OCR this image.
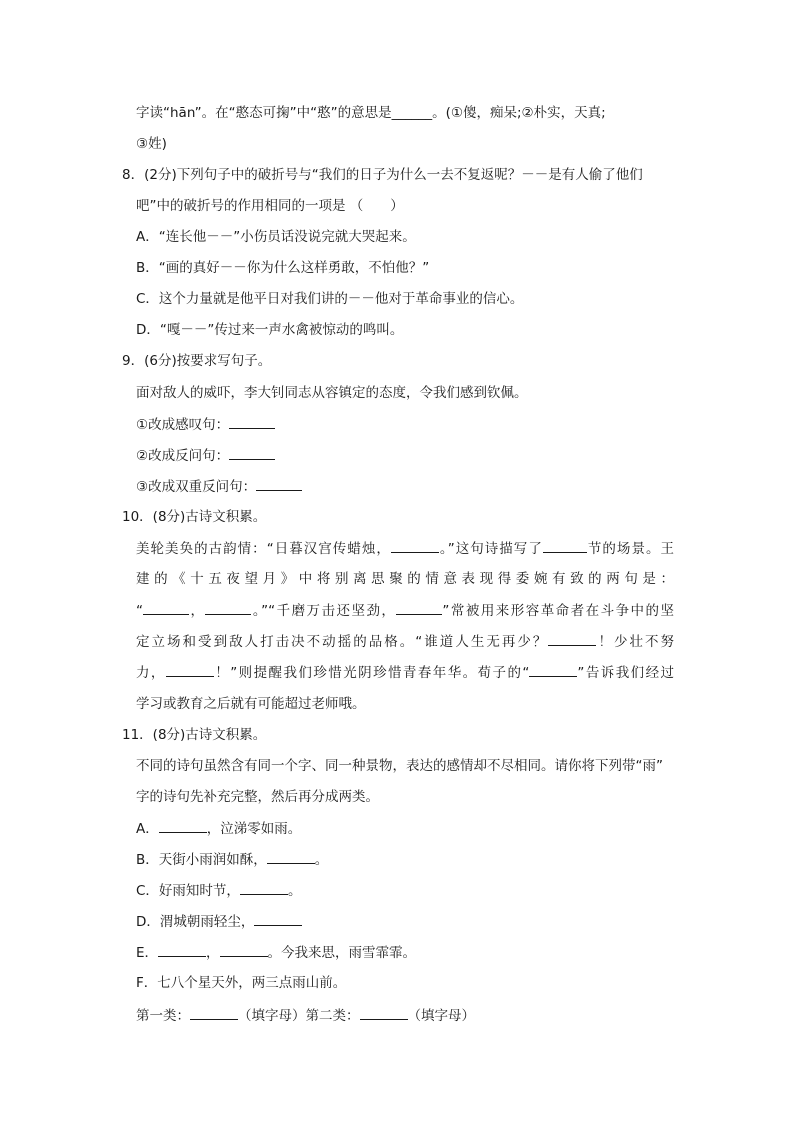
字读“hān”。在“憨态可掬”中“憨”的意思是______。(①傻，痴呆;②朴实，天真;
③姓)
8．(2分)下列句子中的破折号与“我们的日子为什么一去不复返呢？－－是有人偷了他们
吧”中的破折号的作用相同的一项是 （　　）
A．“连长他－－”小伤员话没说完就大哭起来。
B．“画的真好－－你为什么这样勇敢，不怕他？”
C．这个力量就是他平日对我们讲的－－他对于革命事业的信心。
D．“嘎－－”传过来一声水禽被惊动的鸣叫。
9．(6分)按要求写句子。
面对敌人的威吓，李大钊同志从容镇定的态度，令我们感到钦佩。
①改成感叹句：
②改成反问句：
③改成双重反问句：
10．(8分)古诗文积累。
美轮美奂的古韵情：“日暮汉宫传蜡烛，	。”这句诗描写了	节的场景。王
建的《十五夜望月》中将别离思聚的情意表现得委婉有致的两句是：
“	，	。”“千磨万击还坚劲，	”常被用来形容革命者在斗争中的坚
定立场和受到敌人打击决不动摇的品格。“谁道人生无再少？	！少壮不努
力，	！”则提醒我们珍惜光阴珍惜青春年华。荀子的“	”告诉我们经过
学习或教育之后就有可能超过老师哦。
11．(8分)古诗文积累。
不同的诗句虽然含有同一个字、同一种景物，表达的感情却不尽相同。请你将下列带“雨”
字的诗句先补充完整，然后再分成两类。
A．	，泣涕零如雨。
B．天街小雨润如酥，	。
C．好雨知时节，	。
D．渭城朝雨轻尘，
E．	，	。今我来思，雨雪霏霏。
F．七八个星天外，两三点雨山前。
第一类：	（填字母）第二类：	（填字母）
